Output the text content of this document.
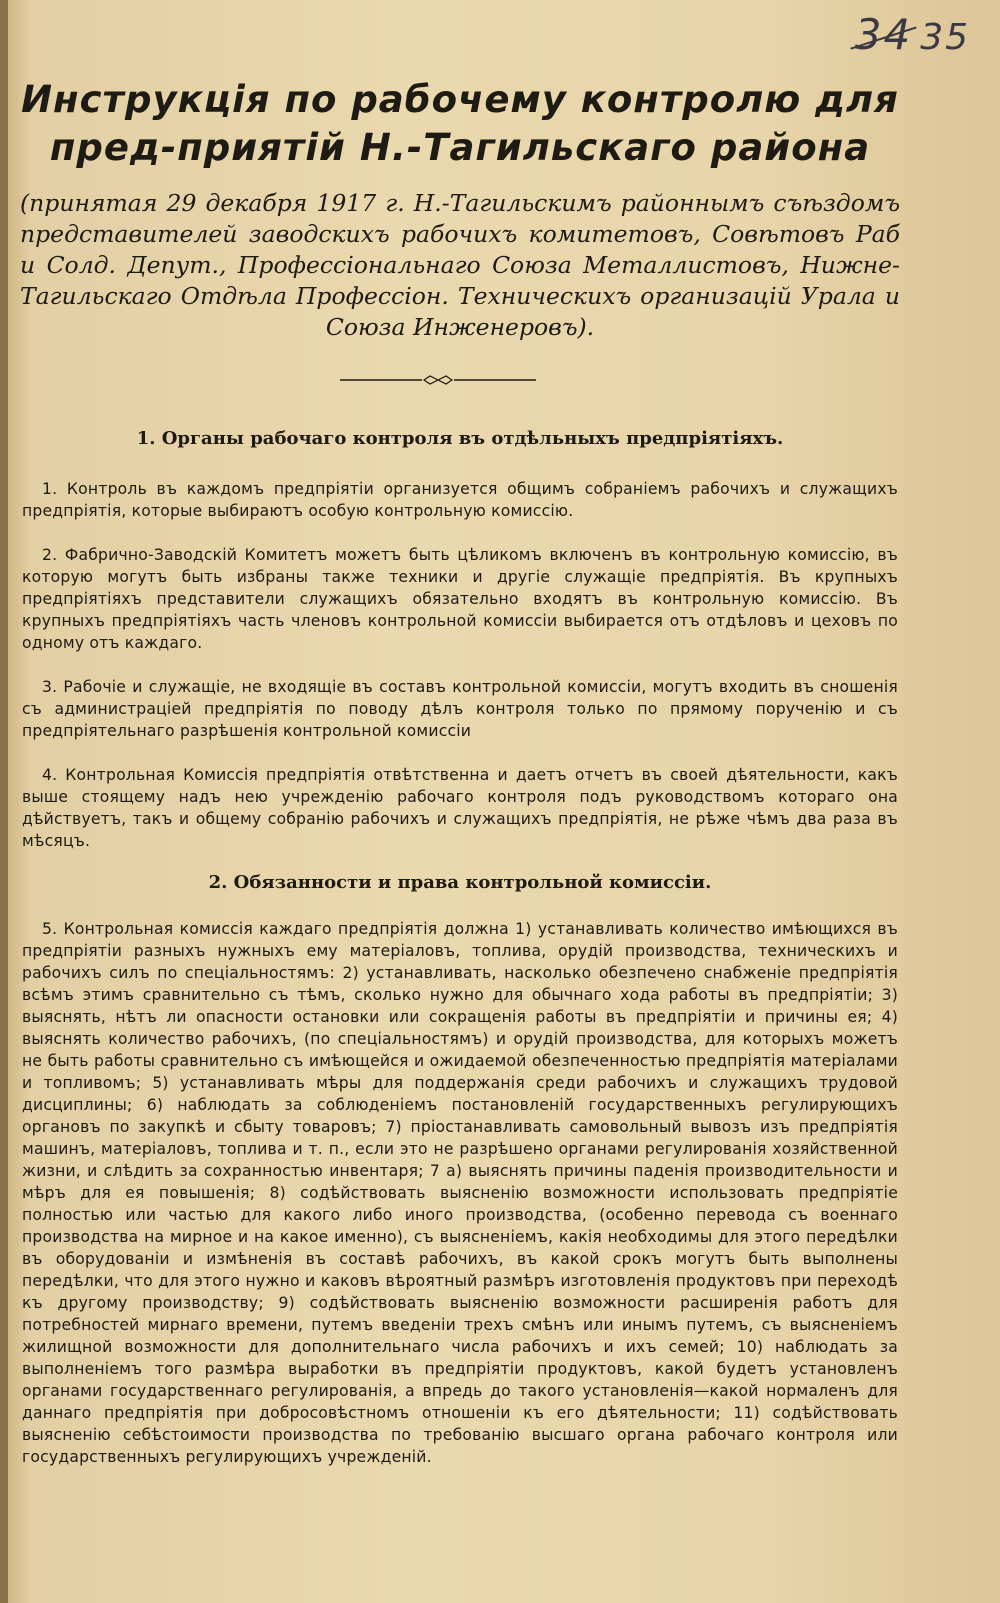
34 35
Инструкція по рабочему контролю для пред-приятій Н.-Тагильскаго района
(принятая 29 декабря 1917 г. Н.-Тагильскимъ районнымъ съѣздомъ представителей заводскихъ рабочихъ комитетовъ, Совѣтовъ Раб и Солд. Депут., Профессіональнаго Союза Металлистовъ, Нижне-Тагильскаго Отдѣла Профессіон. Техническихъ организацій Урала и Союза Инженеровъ).
1. Органы рабочаго контроля въ отдѣльныхъ предпріятіяхъ.
1. Контроль въ каждомъ предпріятіи организуется общимъ собраніемъ рабочихъ и служащихъ предпріятія, которые выбираютъ особую контрольную комиссію.
2. Фабрично-Заводскій Комитетъ можетъ быть цѣликомъ включенъ въ контрольную комиссію, въ которую могутъ быть избраны также техники и другіе служащіе предпріятія. Въ крупныхъ предпріятіяхъ представители служащихъ обязательно входятъ въ контрольную комиссію. Въ крупныхъ предпріятіяхъ часть членовъ контрольной комиссіи выбирается отъ отдѣловъ и цеховъ по одному отъ каждаго.
3. Рабочіе и служащіе, не входящіе въ составъ контрольной комиссіи, могутъ входить въ сношенія съ администраціей предпріятія по поводу дѣлъ контроля только по прямому порученію и съ предпріятельнаго разрѣшенія контрольной комиссіи
4. Контрольная Комиссія предпріятія отвѣтственна и даетъ отчетъ въ своей дѣятельности, какъ выше стоящему надъ нею учрежденію рабочаго контроля подъ руководствомъ котораго она дѣйствуетъ, такъ и общему собранію рабочихъ и служащихъ предпріятія, не рѣже чѣмъ два раза въ мѣсяцъ.
2. Обязанности и права контрольной комиссіи.
5. Контрольная комиссія каждаго предпріятія должна 1) устанавливать количество имѣющихся въ предпріятіи разныхъ нужныхъ ему матеріаловъ, топлива, орудій производства, техническихъ и рабочихъ силъ по спеціальностямъ: 2) устанавливать, насколько обезпечено снабженіе предпріятія всѣмъ этимъ сравнительно съ тѣмъ, сколько нужно для обычнаго хода работы въ предпріятіи; 3) выяснять, нѣтъ ли опасности остановки или сокращенія работы въ предпріятіи и причины ея; 4) выяснять количество рабочихъ, (по спеціальностямъ) и орудій производства, для которыхъ можетъ не быть работы сравнительно съ имѣющейся и ожидаемой обезпеченностью предпріятія матеріалами и топливомъ; 5) устанавливать мѣры для поддержанія среди рабочихъ и служащихъ трудовой дисциплины; 6) наблюдать за соблюденіемъ постановленій государственныхъ регулирующихъ органовъ по закупкѣ и сбыту товаровъ; 7) пріостанавливать самовольный вывозъ изъ предпріятія машинъ, матеріаловъ, топлива и т. п., если это не разрѣшено органами регулированія хозяйственной жизни, и слѣдить за сохранностью инвентаря; 7 а) выяснять причины паденія производительности и мѣръ для ея повышенія; 8) содѣйствовать выясненію возможности использовать предпріятіе полностью или частью для какого либо иного производства, (особенно перевода съ военнаго производства на мирное и на какое именно), съ выясненіемъ, какія необходимы для этого передѣлки въ оборудованіи и измѣненія въ составѣ рабочихъ, въ какой срокъ могутъ быть выполнены передѣлки, что для этого нужно и каковъ вѣроятный размѣръ изготовленія продуктовъ при переходѣ къ другому производству; 9) содѣйствовать выясненію возможности расширенія работъ для потребностей мирнаго времени, путемъ введеніи трехъ смѣнъ или инымъ путемъ, съ выясненіемъ жилищной возможности для дополнительнаго числа рабочихъ и ихъ семей; 10) наблюдать за выполненіемъ того размѣра выработки въ предпріятіи продуктовъ, какой будетъ установленъ органами государственнаго регулированія, а впредь до такого установленія—какой нормаленъ для даннаго предпріятія при добросовѣстномъ отношеніи къ его дѣятельности; 11) содѣйствовать выясненію себѣстоимости производства по требованію высшаго органа рабочаго контроля или государственныхъ регулирующихъ учрежденій.
